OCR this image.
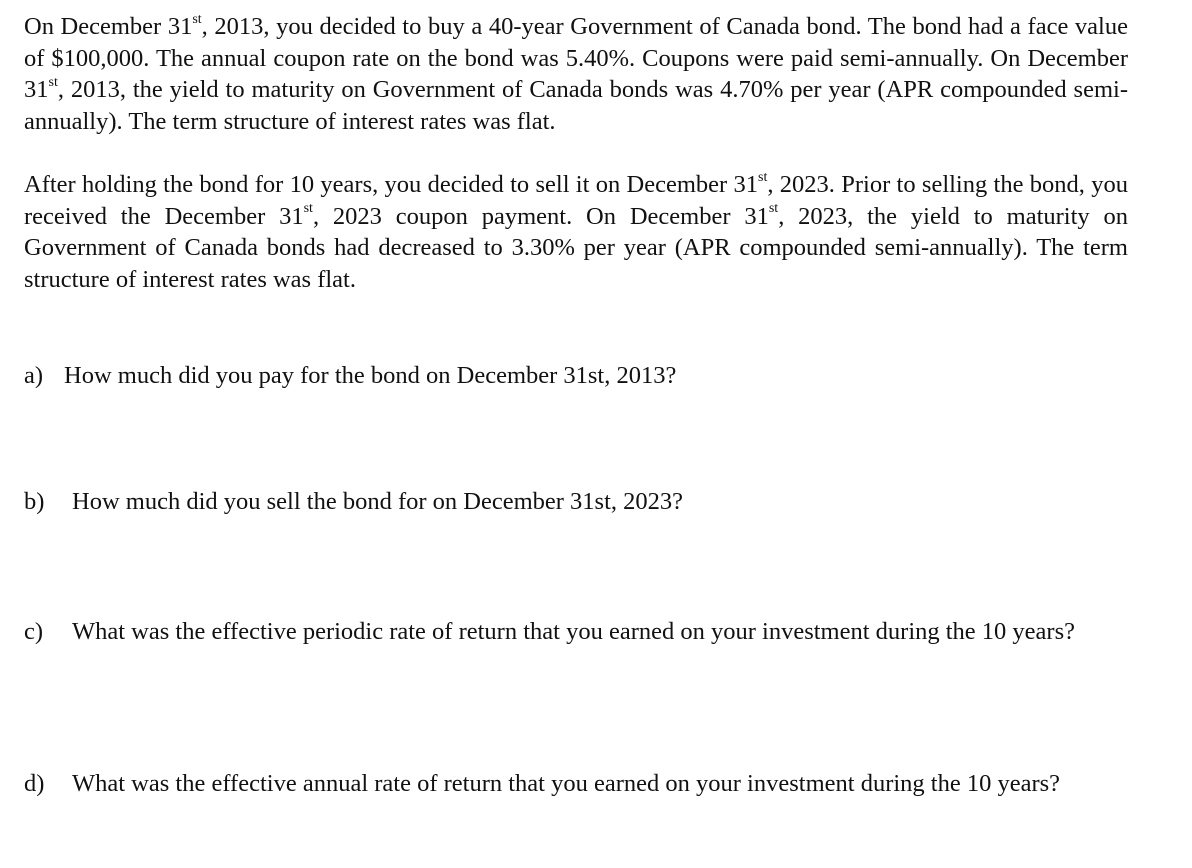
On December 31st, 2013, you decided to buy a 40-year Government of Canada bond. The bond had a face value of $100,000. The annual coupon rate on the bond was 5.40%. Coupons were paid semi-annually. On December 31st, 2013, the yield to maturity on Government of Canada bonds was 4.70% per year (APR compounded semi-annually). The term structure of interest rates was flat.

After holding the bond for 10 years, you decided to sell it on December 31st, 2023. Prior to selling the bond, you received the December 31st, 2023 coupon payment. On December 31st, 2023, the yield to maturity on Government of Canada bonds had decreased to 3.30% per year (APR compounded semi-annually). The term structure of interest rates was flat.

a) How much did you pay for the bond on December 31st, 2013?
b) How much did you sell the bond for on December 31st, 2023?
c) What was the effective periodic rate of return that you earned on your investment during the 10 years?
d) What was the effective annual rate of return that you earned on your investment during the 10 years?
